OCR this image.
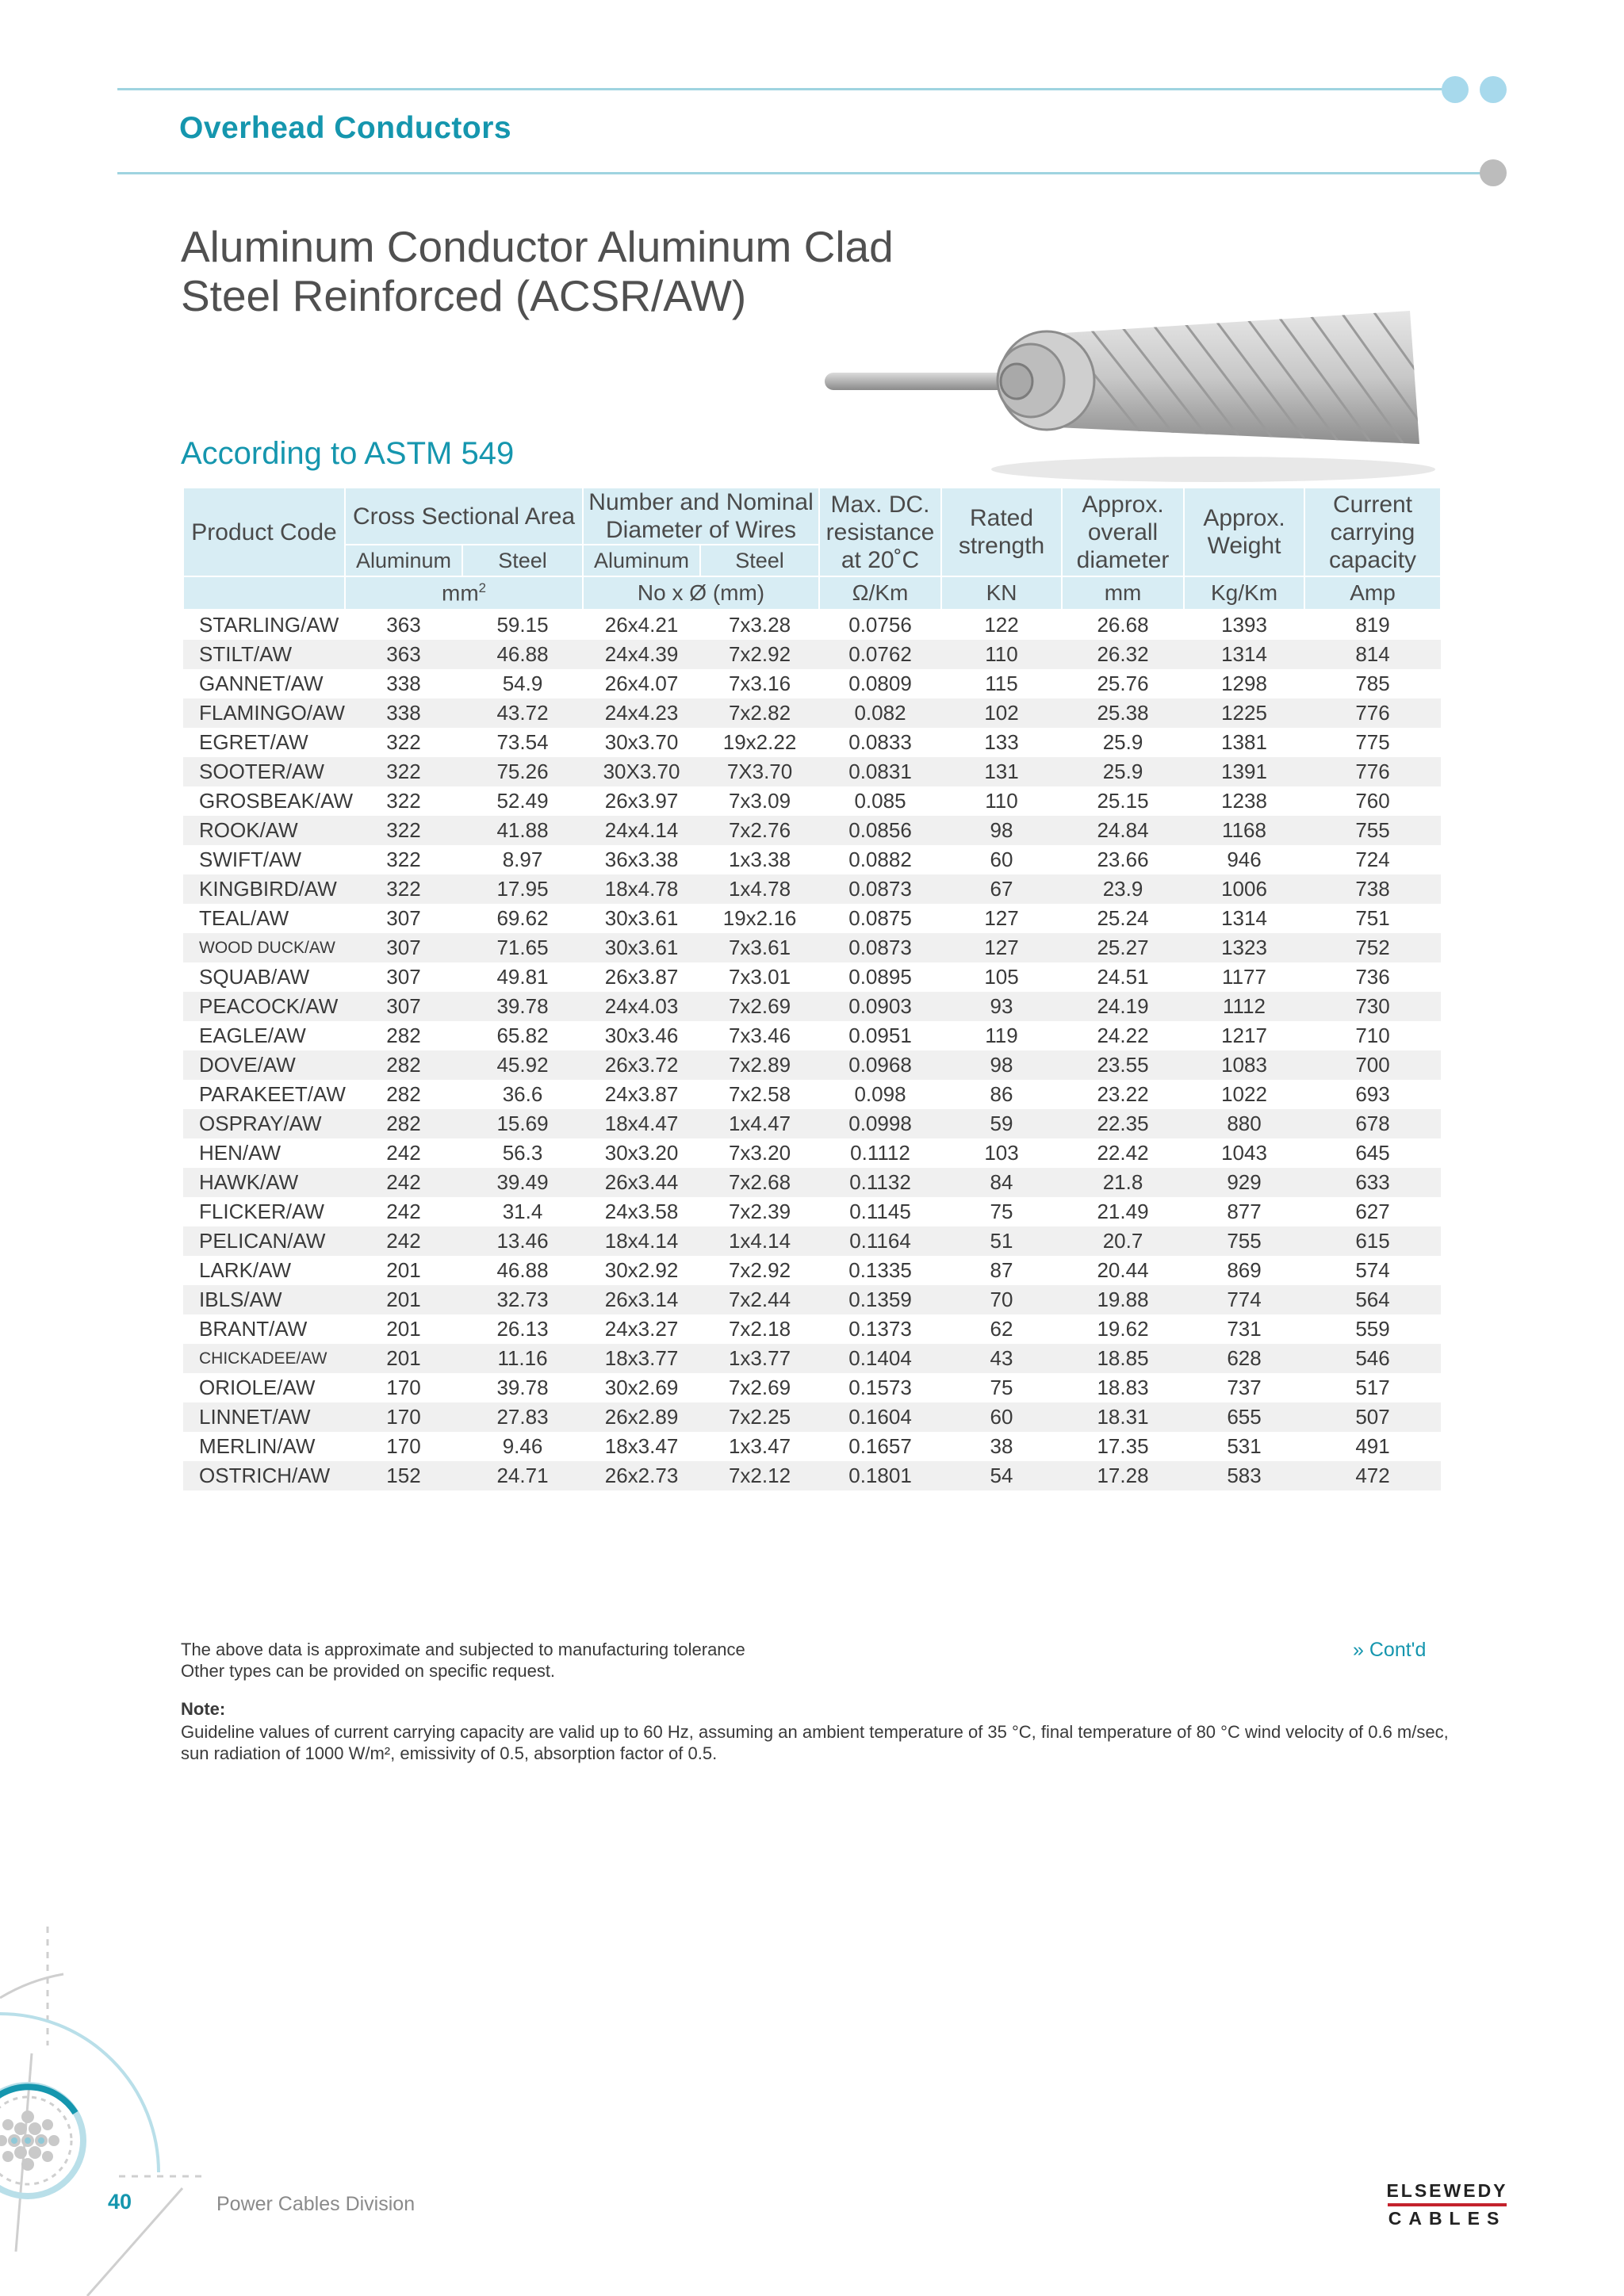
Overhead Conductors
Aluminum Conductor Aluminum Clad
Steel Reinforced (ACSR/AW)
According to ASTM 549
Product Code	Cross Sectional Area		Number and Nominal Diameter of Wires		Max. DC. resistance at 20˚C	Rated strength	Approx. overall diameter	Approx. Weight	Current carrying capacity
	Aluminum	Steel	Aluminum	Steel					
	$mm^2$		No x Ø (mm)		Ω/Km	KN	mm	Kg/Km	Amp
STARLING/AW	363	59.15	26x4.21	7x3.28	0.0756	122	26.68	1393	819
STILT/AW	363	46.88	24x4.39	7x2.92	0.0762	110	26.32	1314	814
GANNET/AW	338	54.9	26x4.07	7x3.16	0.0809	115	25.76	1298	785
FLAMINGO/AW	338	43.72	24x4.23	7x2.82	0.082	102	25.38	1225	776
EGRET/AW	322	73.54	30x3.70	19x2.22	0.0833	133	25.9	1381	775
SOOTER/AW	322	75.26	30X3.70	7X3.70	0.0831	131	25.9	1391	776
GROSBEAK/AW	322	52.49	26x3.97	7x3.09	0.085	110	25.15	1238	760
ROOK/AW	322	41.88	24x4.14	7x2.76	0.0856	98	24.84	1168	755
SWIFT/AW	322	8.97	36x3.38	1x3.38	0.0882	60	23.66	946	724
KINGBIRD/AW	322	17.95	18x4.78	1x4.78	0.0873	67	23.9	1006	738
TEAL/AW	307	69.62	30x3.61	19x2.16	0.0875	127	25.24	1314	751
WOOD DUCK/AW	307	71.65	30x3.61	7x3.61	0.0873	127	25.27	1323	752
SQUAB/AW	307	49.81	26x3.87	7x3.01	0.0895	105	24.51	1177	736
PEACOCK/AW	307	39.78	24x4.03	7x2.69	0.0903	93	24.19	1112	730
EAGLE/AW	282	65.82	30x3.46	7x3.46	0.0951	119	24.22	1217	710
DOVE/AW	282	45.92	26x3.72	7x2.89	0.0968	98	23.55	1083	700
PARAKEET/AW	282	36.6	24x3.87	7x2.58	0.098	86	23.22	1022	693
OSPRAY/AW	282	15.69	18x4.47	1x4.47	0.0998	59	22.35	880	678
HEN/AW	242	56.3	30x3.20	7x3.20	0.1112	103	22.42	1043	645
HAWK/AW	242	39.49	26x3.44	7x2.68	0.1132	84	21.8	929	633
FLICKER/AW	242	31.4	24x3.58	7x2.39	0.1145	75	21.49	877	627
PELICAN/AW	242	13.46	18x4.14	1x4.14	0.1164	51	20.7	755	615
LARK/AW	201	46.88	30x2.92	7x2.92	0.1335	87	20.44	869	574
IBLS/AW	201	32.73	26x3.14	7x2.44	0.1359	70	19.88	774	564
BRANT/AW	201	26.13	24x3.27	7x2.18	0.1373	62	19.62	731	559
CHICKADEE/AW	201	11.16	18x3.77	1x3.77	0.1404	43	18.85	628	546
ORIOLE/AW	170	39.78	30x2.69	7x2.69	0.1573	75	18.83	737	517
LINNET/AW	170	27.83	26x2.89	7x2.25	0.1604	60	18.31	655	507
MERLIN/AW	170	9.46	18x3.47	1x3.47	0.1657	38	17.35	531	491
OSTRICH/AW	152	24.71	26x2.73	7x2.12	0.1801	54	17.28	583	472
The above data is approximate and subjected to manufacturing tolerance
Other types can be provided on specific request.
» Cont'd
Note:
Guideline values of current carrying capacity are valid up to 60 Hz, assuming an ambient temperature of 35 °C, final temperature of 80 °C wind velocity of 0.6 m/sec, sun radiation of 1000 W/m², emissivity of 0.5, absorption factor of 0.5.
40	Power Cables Division
ELSEWEDY
CABLES
